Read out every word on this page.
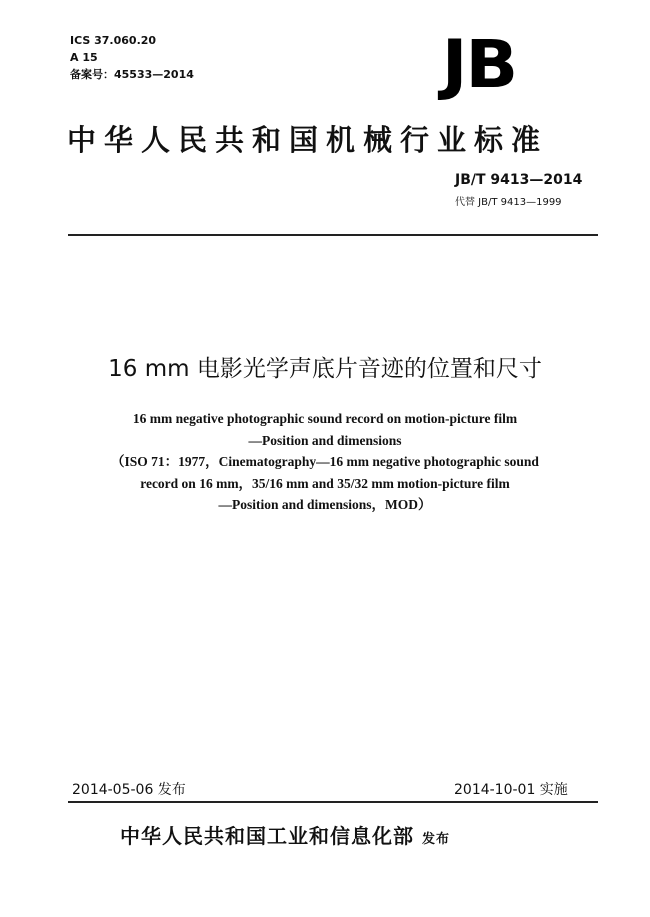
ICS 37.060.20
A 15
备案号：45533—2014	JB
中华人民共和国机械行业标准
JB/T 9413—2014
代替 JB/T 9413—1999
16 mm 电影光学声底片音迹的位置和尺寸
16 mm negative photographic sound record on motion-picture film
—Position and dimensions
（ISO 71：1977，Cinematography—16 mm negative photographic sound
record on 16 mm，35/16 mm and 35/32 mm motion-picture film
—Position and dimensions，MOD）
2014-05-06 发布	2014-10-01 实施
中华人民共和国工业和信息化部 发布
